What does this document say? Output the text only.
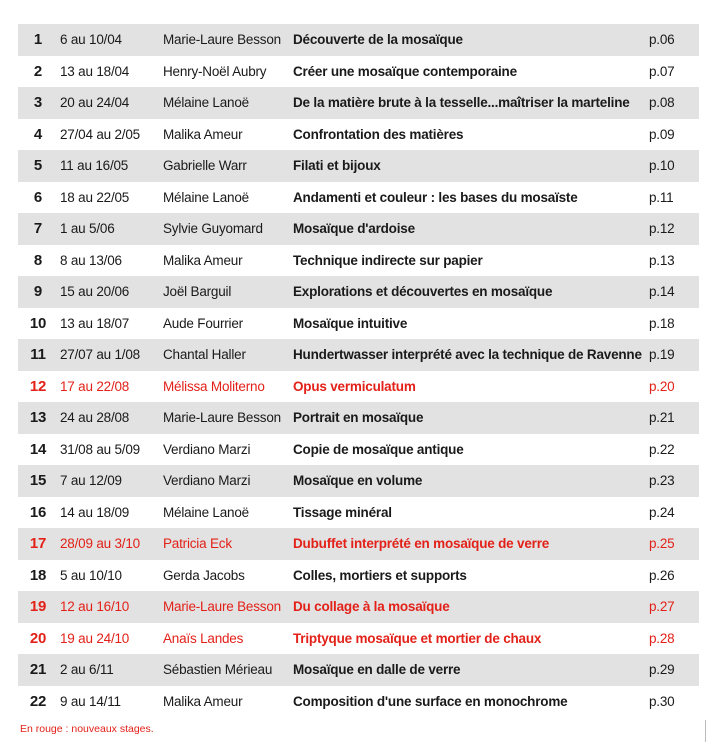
1	6 au 10/04	Marie-Laure Besson	Découverte de la mosaïque	p.06
2	13 au 18/04	Henry-Noël Aubry	Créer une mosaïque contemporaine	p.07
3	20 au 24/04	Mélaine Lanoë	De la matière brute à la tesselle...maîtriser la marteline	p.08
4	27/04 au 2/05	Malika Ameur	Confrontation des matières	p.09
5	11 au 16/05	Gabrielle Warr	Filati et bijoux	p.10
6	18 au 22/05	Mélaine Lanoë	Andamenti et couleur : les bases du mosaïste	p.11
7	1 au 5/06	Sylvie Guyomard	Mosaïque d'ardoise	p.12
8	8 au 13/06	Malika Ameur	Technique indirecte sur papier	p.13
9	15 au 20/06	Joël Barguil	Explorations et découvertes en mosaïque	p.14
10	13 au 18/07	Aude Fourrier	Mosaïque intuitive	p.18
11	27/07 au 1/08	Chantal Haller	Hundertwasser interprété avec la technique de Ravenne	p.19
12	17 au 22/08	Mélissa Moliterno	Opus vermiculatum	p.20
13	24 au 28/08	Marie-Laure Besson	Portrait en mosaïque	p.21
14	31/08 au 5/09	Verdiano Marzi	Copie de mosaïque antique	p.22
15	7 au 12/09	Verdiano Marzi	Mosaïque en volume	p.23
16	14 au 18/09	Mélaine Lanoë	Tissage minéral	p.24
17	28/09 au 3/10	Patricia Eck	Dubuffet interprété en mosaïque de verre	p.25
18	5 au 10/10	Gerda Jacobs	Colles, mortiers et supports	p.26
19	12 au 16/10	Marie-Laure Besson	Du collage à la mosaïque	p.27
20	19 au 24/10	Anaïs Landes	Triptyque mosaïque et mortier de chaux	p.28
21	2 au 6/11	Sébastien Mérieau	Mosaïque en dalle de verre	p.29
22	9 au 14/11	Malika Ameur	Composition d'une surface en monochrome	p.30
En rouge : nouveaux stages.
